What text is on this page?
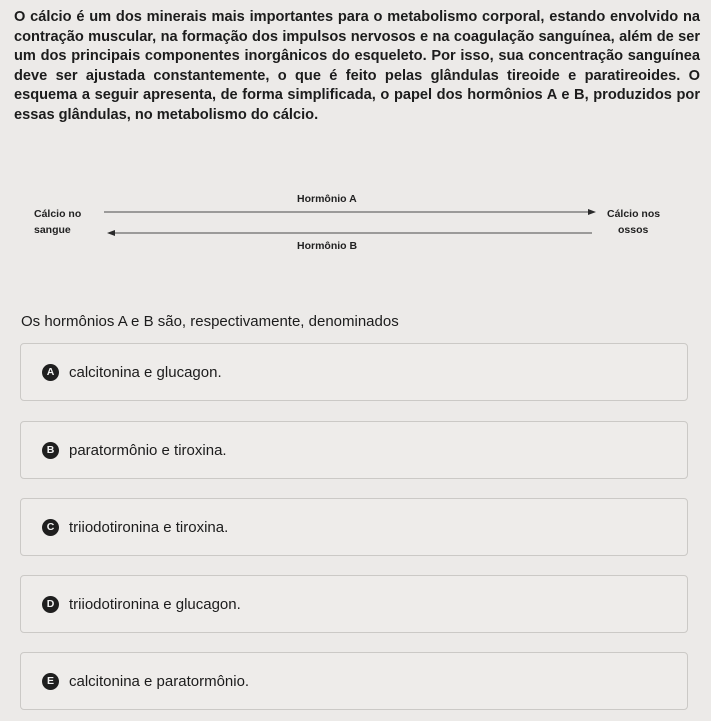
O cálcio é um dos minerais mais importantes para o metabolismo corporal, estando envolvido na contração muscular, na formação dos impulsos nervosos e na coagulação sanguínea, além de ser um dos principais componentes inorgânicos do esqueleto. Por isso, sua concentração sanguínea deve ser ajustada constantemente, o que é feito pelas glândulas tireoide e paratireoides. O esquema a seguir apresenta, de forma simplificada, o papel dos hormônios A e B, produzidos por essas glândulas, no metabolismo do cálcio.
Cálcio no
sangue
Hormônio A
Hormônio B
Cálcio nos
ossos
Os hormônios A e B são, respectivamente, denominados
A calcitonina e glucagon.
B paratormônio e tiroxina.
C triiodotironina e tiroxina.
D triiodotironina e glucagon.
E	calcitonina e paratormônio.
